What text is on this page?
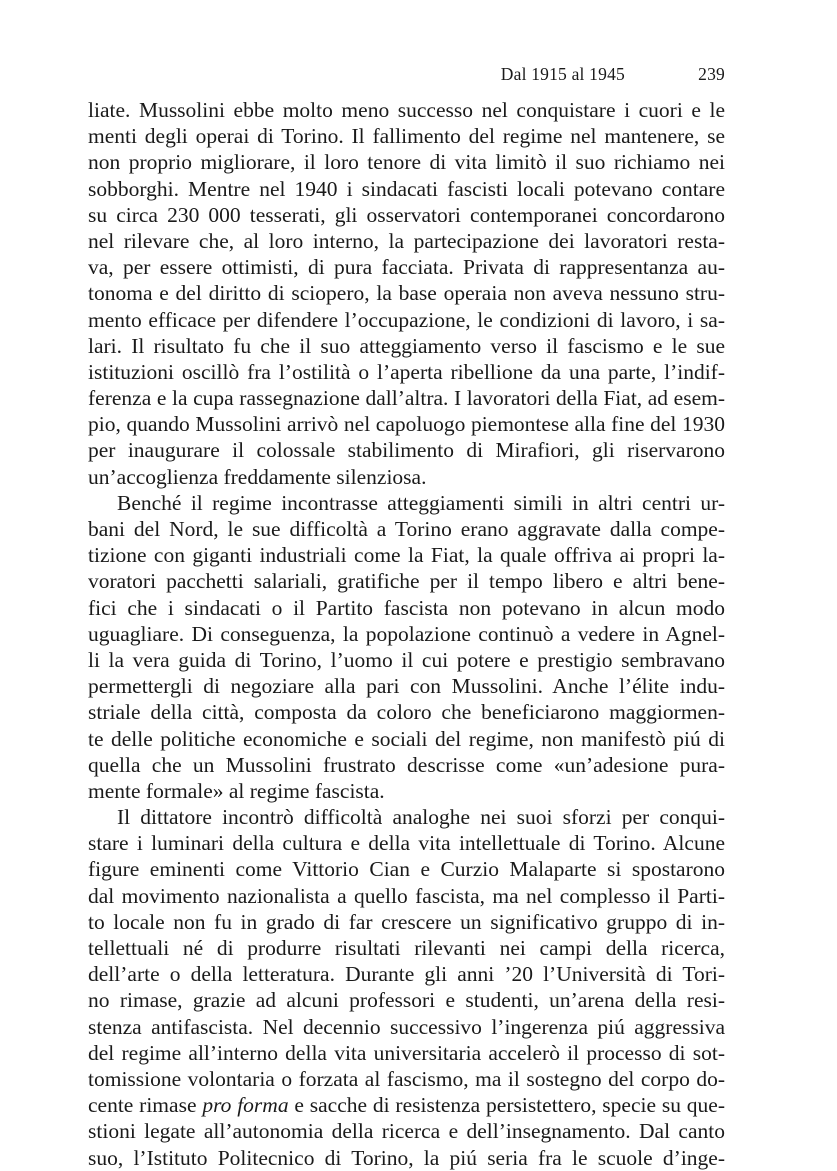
Dal 1915 al 1945	239
liate. Mussolini ebbe molto meno successo nel conquistare i cuori e le
menti degli operai di Torino. Il fallimento del regime nel mantenere, se
non proprio migliorare, il loro tenore di vita limitò il suo richiamo nei
sobborghi. Mentre nel 1940 i sindacati fascisti locali potevano contare
su circa 230 000 tesserati, gli osservatori contemporanei concordarono
nel rilevare che, al loro interno, la partecipazione dei lavoratori resta-
va, per essere ottimisti, di pura facciata. Privata di rappresentanza au-
tonoma e del diritto di sciopero, la base operaia non aveva nessuno stru-
mento efficace per difendere l’occupazione, le condizioni di lavoro, i sa-
lari. Il risultato fu che il suo atteggiamento verso il fascismo e le sue
istituzioni oscillò fra l’ostilità o l’aperta ribellione da una parte, l’indif-
ferenza e la cupa rassegnazione dall’altra. I lavoratori della Fiat, ad esem-
pio, quando Mussolini arrivò nel capoluogo piemontese alla fine del 1930
per inaugurare il colossale stabilimento di Mirafiori, gli riservarono
un’accoglienza freddamente silenziosa.
Benché il regime incontrasse atteggiamenti simili in altri centri ur-
bani del Nord, le sue difficoltà a Torino erano aggravate dalla compe-
tizione con giganti industriali come la Fiat, la quale offriva ai propri la-
voratori pacchetti salariali, gratifiche per il tempo libero e altri bene-
fici che i sindacati o il Partito fascista non potevano in alcun modo
uguagliare. Di conseguenza, la popolazione continuò a vedere in Agnel-
li la vera guida di Torino, l’uomo il cui potere e prestigio sembravano
permettergli di negoziare alla pari con Mussolini. Anche l’élite indu-
striale della città, composta da coloro che beneficiarono maggiormen-
te delle politiche economiche e sociali del regime, non manifestò piú di
quella che un Mussolini frustrato descrisse come «un’adesione pura-
mente formale» al regime fascista.
Il dittatore incontrò difficoltà analoghe nei suoi sforzi per conqui-
stare i luminari della cultura e della vita intellettuale di Torino. Alcune
figure eminenti come Vittorio Cian e Curzio Malaparte si spostarono
dal movimento nazionalista a quello fascista, ma nel complesso il Parti-
to locale non fu in grado di far crescere un significativo gruppo di in-
tellettuali né di produrre risultati rilevanti nei campi della ricerca,
dell’arte o della letteratura. Durante gli anni ’20 l’Università di Tori-
no rimase, grazie ad alcuni professori e studenti, un’arena della resi-
stenza antifascista. Nel decennio successivo l’ingerenza piú aggressiva
del regime all’interno della vita universitaria accelerò il processo di sot-
tomissione volontaria o forzata al fascismo, ma il sostegno del corpo do-
cente rimase pro forma e sacche di resistenza persistettero, specie su que-
stioni legate all’autonomia della ricerca e dell’insegnamento. Dal canto
suo, l’Istituto Politecnico di Torino, la piú seria fra le scuole d’inge-
